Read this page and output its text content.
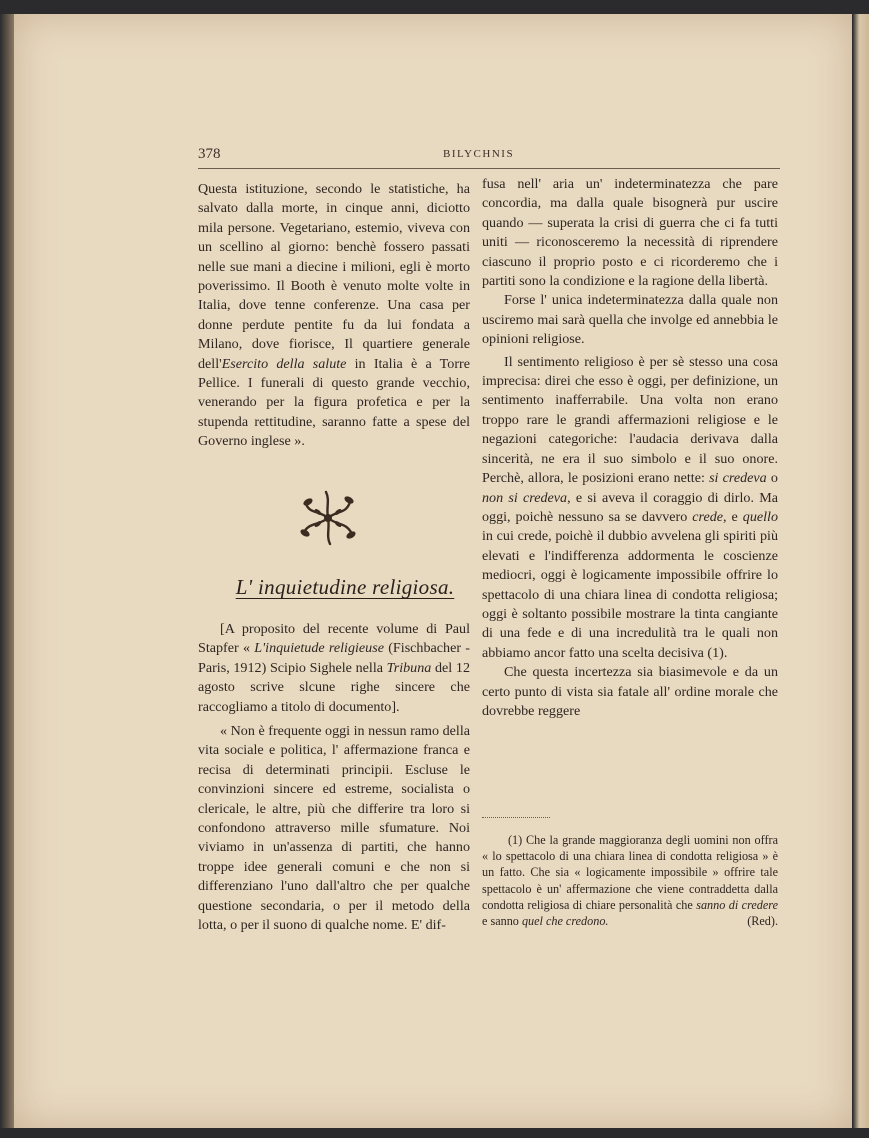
378	BILYCHNIS

Questa istituzione, secondo le statistiche, ha salvato dalla morte, in cinque anni, diciotto mila persone. Vegetariano, estemio, viveva con un scellino al giorno: benchè fossero passati nelle sue mani a diecine i milioni, egli è morto poverissimo. Il Booth è venuto molte volte in Italia, dove tenne conferenze. Una casa per donne perdute pentite fu da lui fondata a Milano, dove fiorisce, Il quartiere generale dell'Esercito della salute in Italia è a Torre Pellice. I funerali di questo grande vecchio, venerando per la figura profetica e per la stupenda rettitudine, saranno fatte a spese del Governo inglese ».

L' inquietudine religiosa.

[A proposito del recente volume di Paul Stapfer « L'inquietude religieuse (Fischbacher - Paris, 1912) Scipio Sighele nella Tribuna del 12 agosto scrive slcune righe sincere che raccogliamo a titolo di documento].

« Non è frequente oggi in nessun ramo della vita sociale e politica, l' affermazione franca e recisa di determinati principii. Escluse le convinzioni sincere ed estreme, socialista o clericale, le altre, più che differire tra loro si confondono attraverso mille sfumature. Noi viviamo in un'assenza di partiti, che hanno troppe idee generali comuni e che non si differenziano l'uno dall'altro che per qualche questione secondaria, o per il metodo della lotta, o per il suono di qualche nome. E' dif-

fusa nell' aria un' indeterminatezza che pare concordia, ma dalla quale bisognerà pur uscire quando — superata la crisi di guerra che ci fa tutti uniti — riconosceremo la necessità di riprendere ciascuno il proprio posto e ci ricorderemo che i partiti sono la condizione e la ragione della libertà.

Forse l' unica indeterminatezza dalla quale non usciremo mai sarà quella che involge ed annebbia le opinioni religiose.

Il sentimento religioso è per sè stesso una cosa imprecisa: direi che esso è oggi, per definizione, un sentimento inafferrabile. Una volta non erano troppo rare le grandi affermazioni religiose e le negazioni categoriche: l'audacia derivava dalla sincerità, ne era il suo simbolo e il suo onore. Perchè, allora, le posizioni erano nette: si credeva o non si credeva, e si aveva il coraggio di dirlo. Ma oggi, poichè nessuno sa se davvero crede, e quello in cui crede, poichè il dubbio avvelena gli spiriti più elevati e l'indifferenza addormenta le coscienze mediocri, oggi è logicamente impossibile offrire lo spettacolo di una chiara linea di condotta religiosa; oggi è soltanto possibile mostrare la tinta cangiante di una fede e di una incredulità tra le quali non abbiamo ancor fatto una scelta decisiva (1).

Che questa incertezza sia biasimevole e da un certo punto di vista sia fatale all' ordine morale che dovrebbe reggere

(1) Che la grande maggioranza degli uomini non offra « lo spettacolo di una chiara linea di condotta religiosa » è un fatto. Che sia « logicamente impossibile » offrire tale spettacolo è un' affermazione che viene contraddetta dalla condotta religiosa di chiare personalità che sanno di credere e sanno quel che credono.	(Red).
